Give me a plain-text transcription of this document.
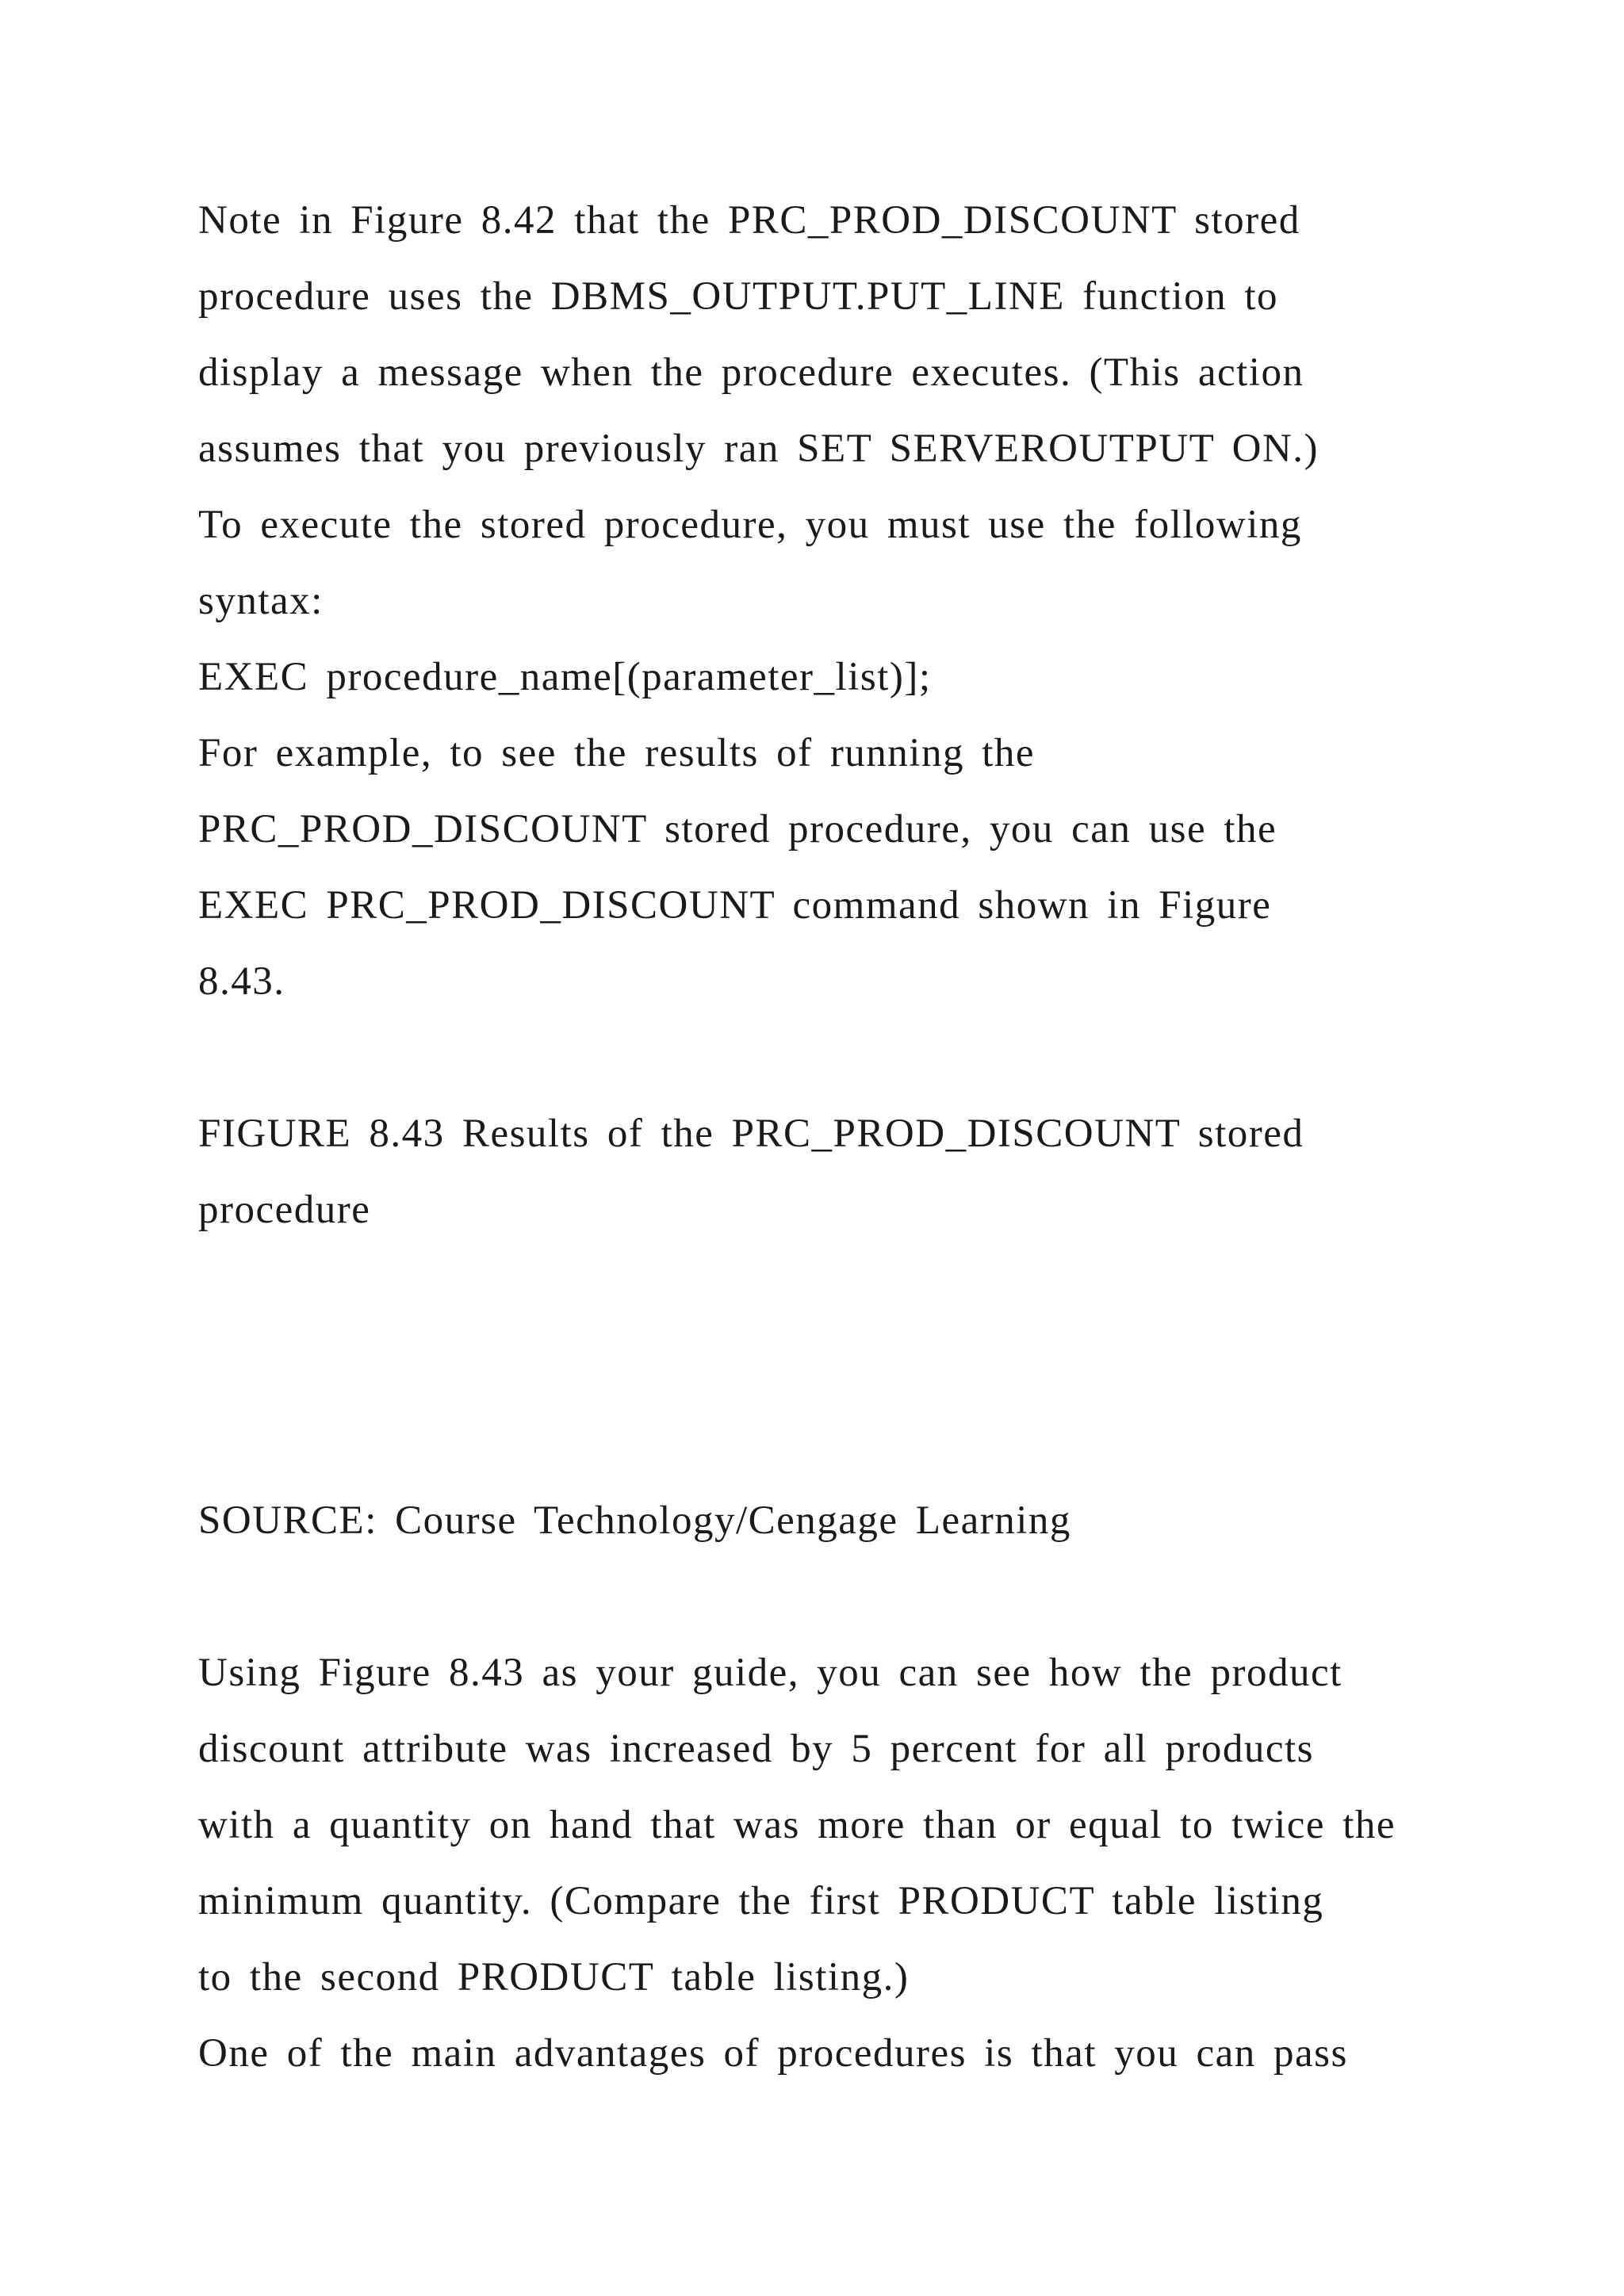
Note in Figure 8.42 that the PRC_PROD_DISCOUNT stored

procedure uses the DBMS_OUTPUT.PUT_LINE function to

display a message when the procedure executes. (This action

assumes that you previously ran SET SERVEROUTPUT ON.)

To execute the stored procedure, you must use the following

syntax:

EXEC procedure_name[(parameter_list)];

For example, to see the results of running the

PRC_PROD_DISCOUNT stored procedure, you can use the

EXEC PRC_PROD_DISCOUNT command shown in Figure

8.43.

FIGURE 8.43 Results of the PRC_PROD_DISCOUNT stored

procedure

SOURCE: Course Technology/Cengage Learning

Using Figure 8.43 as your guide, you can see how the product

discount attribute was increased by 5 percent for all products

with a quantity on hand that was more than or equal to twice the

minimum quantity. (Compare the first PRODUCT table listing

to the second PRODUCT table listing.)

One of the main advantages of procedures is that you can pass
